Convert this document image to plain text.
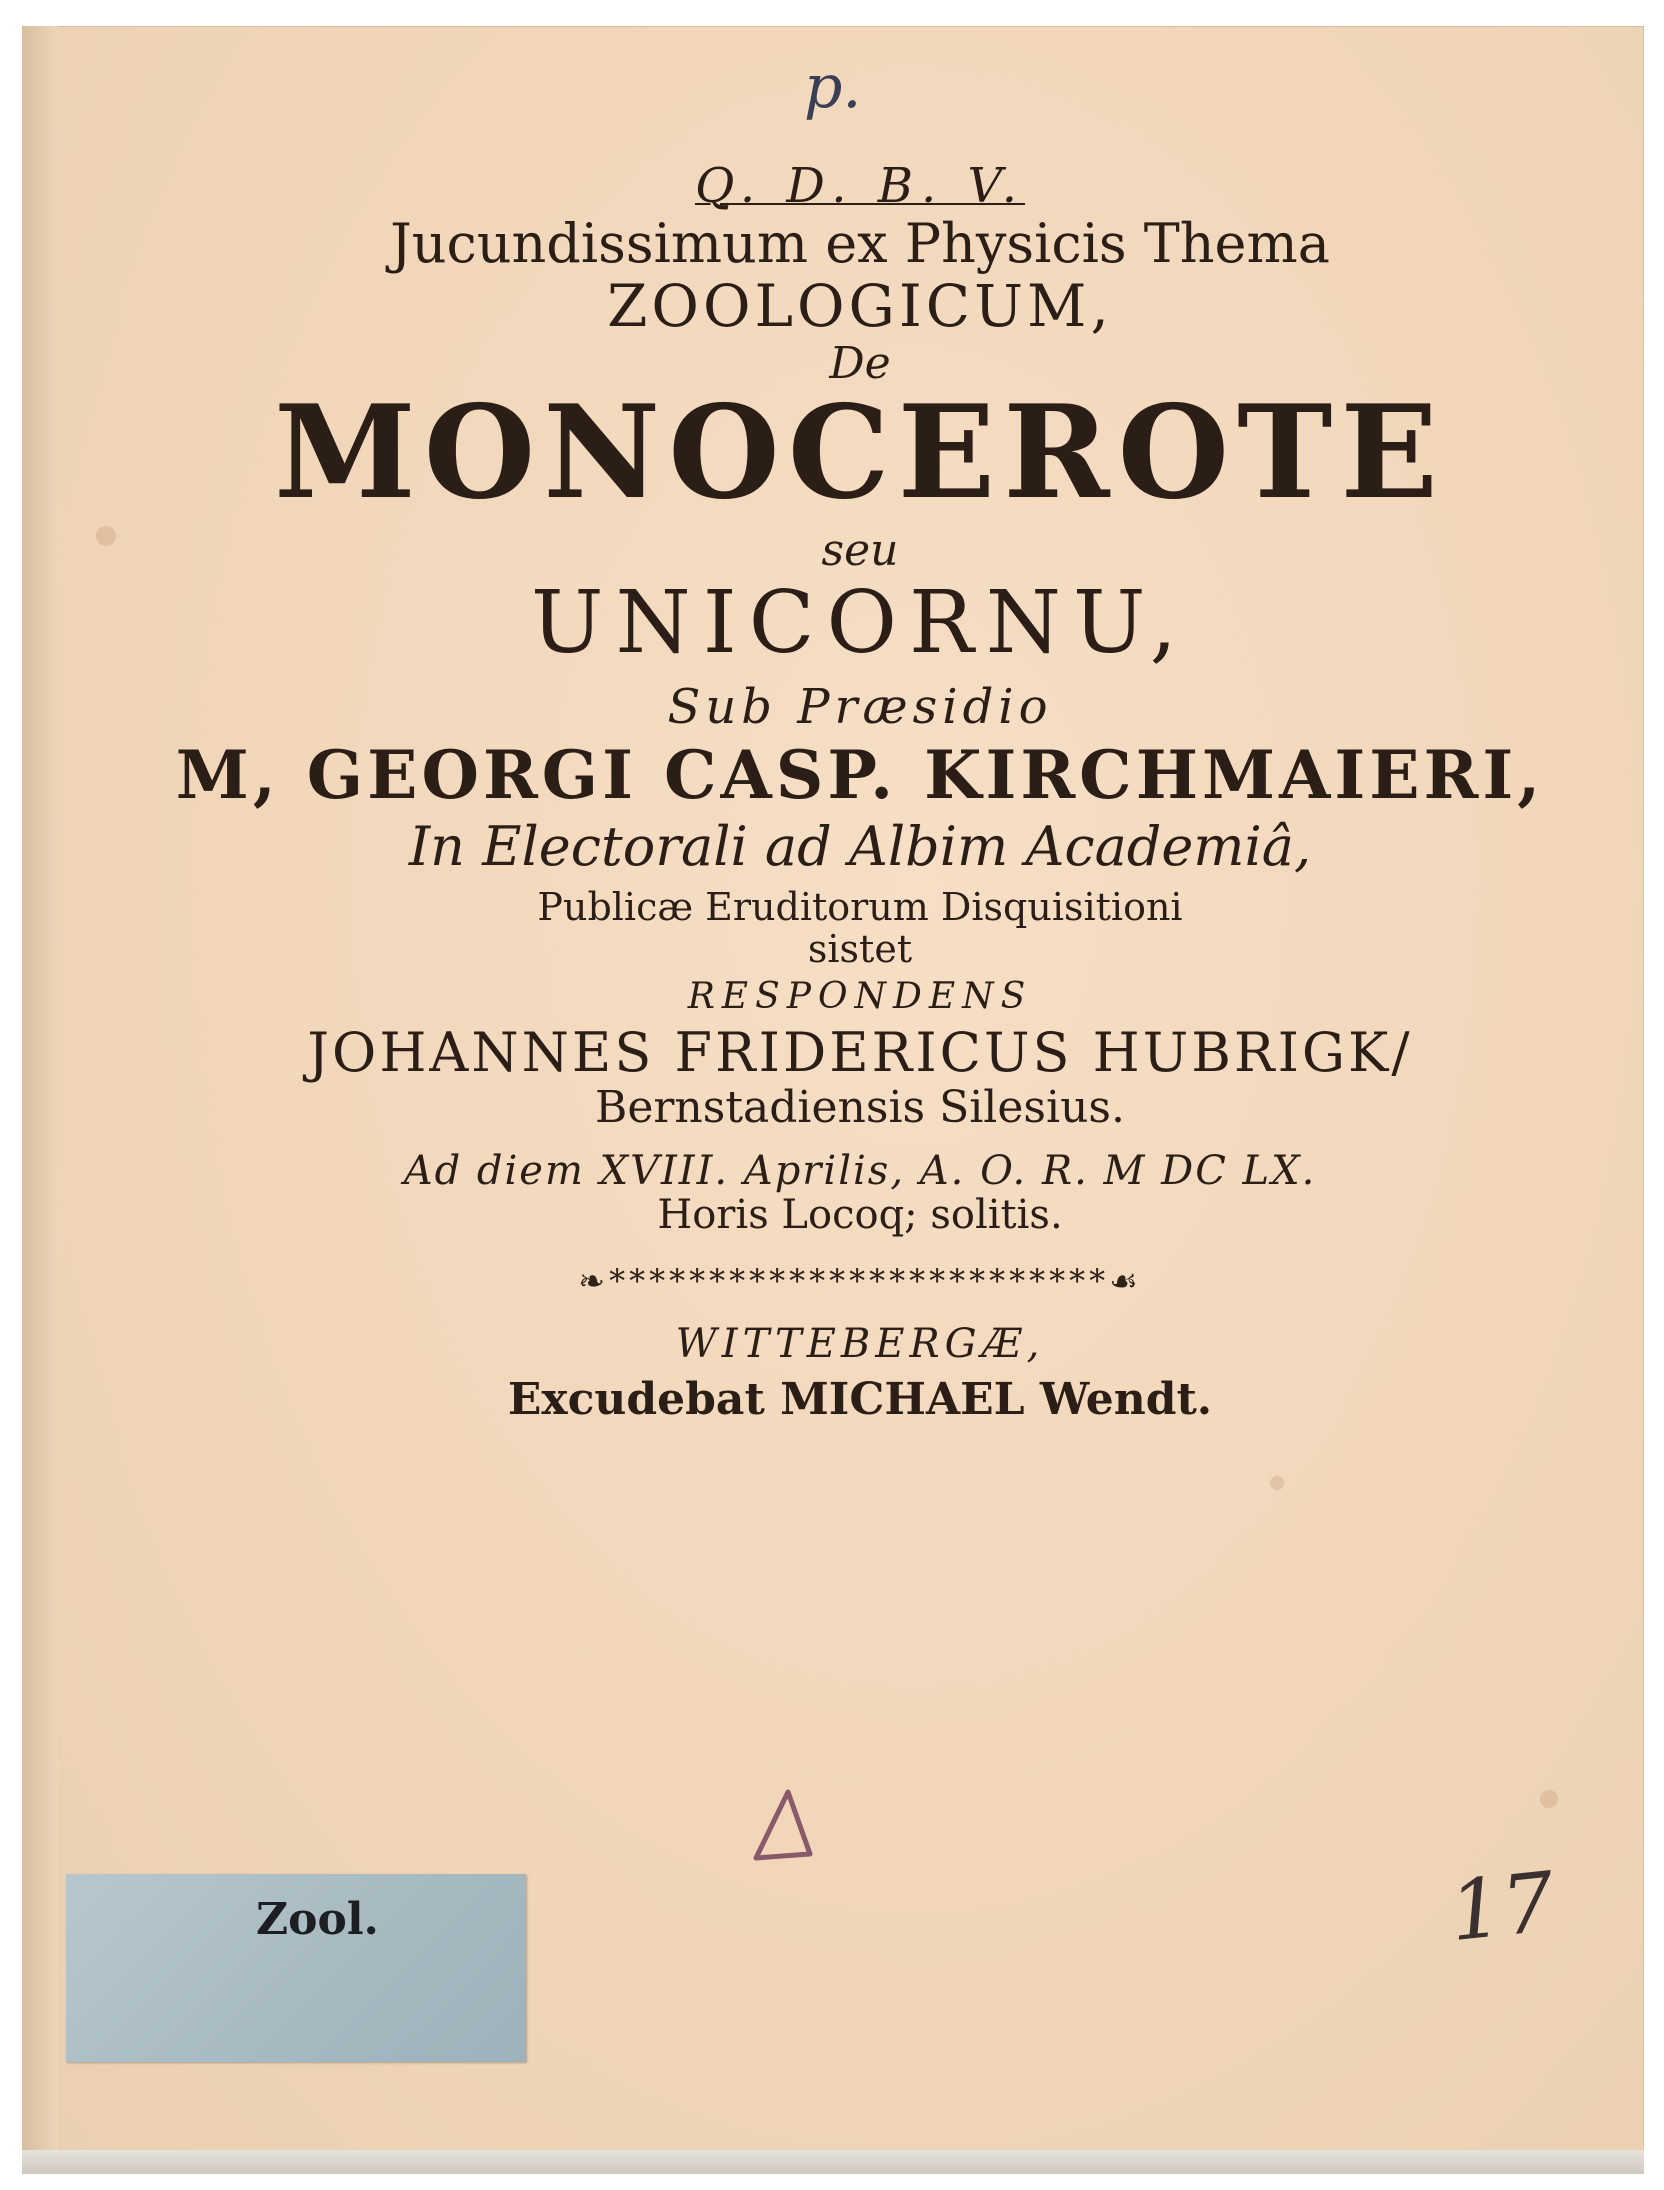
p.
Q. D. B. V.
Jucundissimum ex Physicis Thema
ZOOLOGICUM,
De
MONOCEROTE
seu
UNICORNU,
Sub Præsidio
M, GEORGI CASP. KIRCHMAIERI,
In Electorali ad Albim Academiâ,
Publicæ Eruditorum Disquisitioni
sistet
RESPONDENS
JOHANNES FRIDERICUS HUBRIGK/
Bernstadiensis Silesius.
Ad diem XVIII. Aprilis, A. O. R. M DC LX.
Horis Locoq; solitis.
❧*************************☙
WITTEBERGÆ,
Excudebat MICHAEL Wendt.
Zool.	17
